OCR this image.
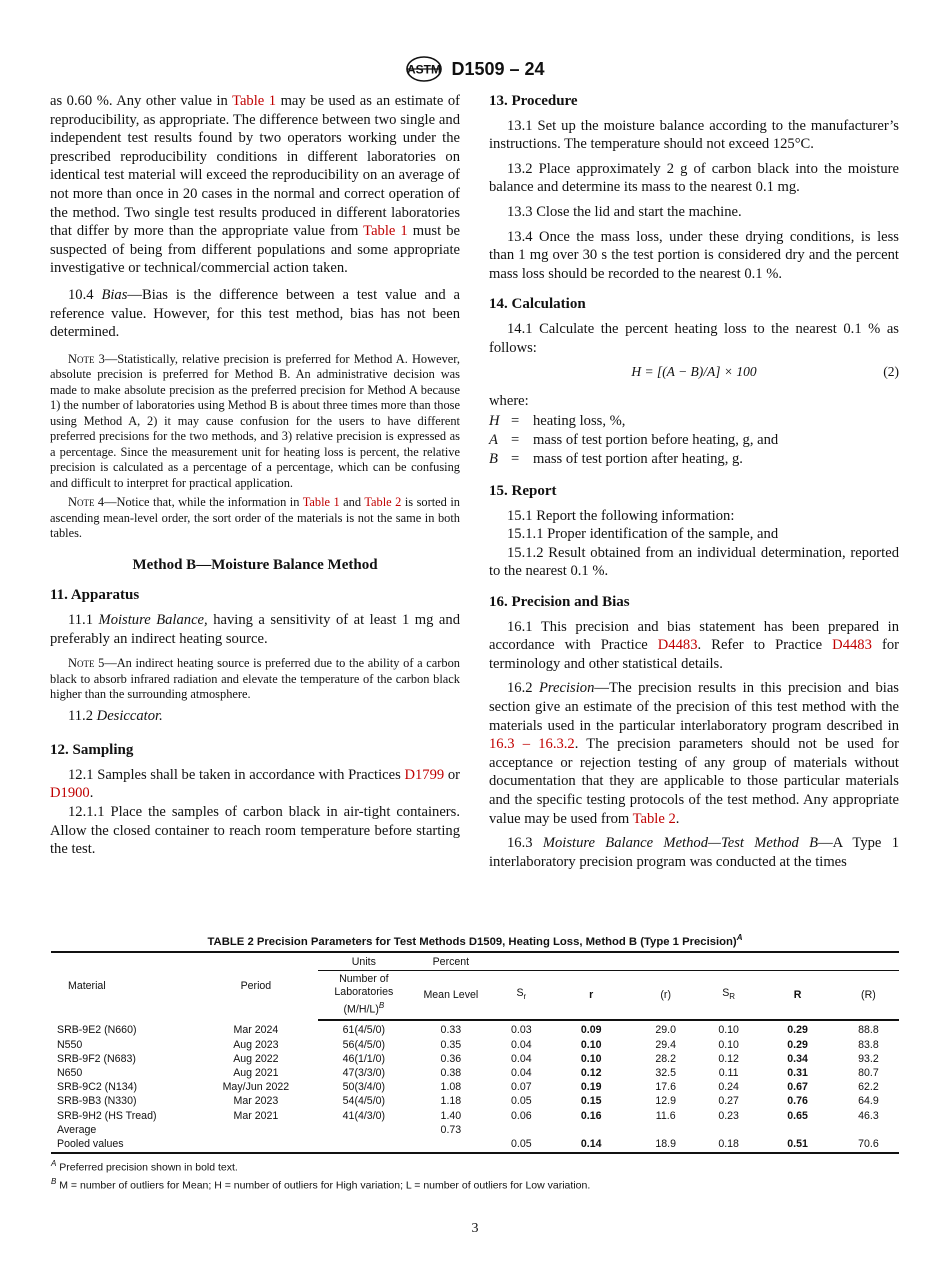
ASTM D1509 – 24

as 0.60 %. Any other value in Table 1 may be used as an estimate of reproducibility, as appropriate. The difference between two single and independent test results found by two operators working under the prescribed reproducibility conditions in different laboratories on identical test material will exceed the reproducibility on an average of not more than once in 20 cases in the normal and correct operation of the method. Two single test results produced in different laboratories that differ by more than the appropriate value from Table 1 must be suspected of being from different populations and some appropriate investigative or technical/commercial action taken.

10.4 Bias—Bias is the difference between a test value and a reference value. However, for this test method, bias has not been determined.

Note 3—Statistically, relative precision is preferred for Method A. However, absolute precision is preferred for Method B. An administrative decision was made to make absolute precision as the preferred precision for Method A because 1) the number of laboratories using Method B is about three times more than those using Method A, 2) it may cause confusion for the users to have different preferred precisions for the two methods, and 3) relative precision is expressed as a percentage. Since the measurement unit for heating loss is percent, the relative precision is calculated as a percentage of a percentage, which can be confusing and difficult to interpret for practical application.

Note 4—Notice that, while the information in Table 1 and Table 2 is sorted in ascending mean-level order, the sort order of the materials is not the same in both tables.

Method B—Moisture Balance Method
11. Apparatus

11.1 Moisture Balance, having a sensitivity of at least 1 mg and preferably an indirect heating source.

Note 5—An indirect heating source is preferred due to the ability of a carbon black to absorb infrared radiation and elevate the temperature of the carbon black higher than the surrounding atmosphere.

11.2 Desiccator.

12. Sampling

12.1 Samples shall be taken in accordance with Practices D1799 or D1900.

12.1.1 Place the samples of carbon black in air-tight containers. Allow the closed container to reach room temperature before starting the test.

13. Procedure

13.1 Set up the moisture balance according to the manufacturer’s instructions. The temperature should not exceed 125°C.

13.2 Place approximately 2 g of carbon black into the moisture balance and determine its mass to the nearest 0.1 mg.

13.3 Close the lid and start the machine.

13.4 Once the mass loss, under these drying conditions, is less than 1 mg over 30 s the test portion is considered dry and the percent mass loss should be recorded to the nearest 0.1 %.

14. Calculation

14.1 Calculate the percent heating loss to the nearest 0.1 % as follows:

H = [(A − B)/A] × 100	(2)

where:

H = heating loss, %,
A = mass of test portion before heating, g, and
B = mass of test portion after heating, g.
15. Report

15.1 Report the following information:

15.1.1 Proper identification of the sample, and

15.1.2 Result obtained from an individual determination, reported to the nearest 0.1 %.

16. Precision and Bias

16.1 This precision and bias statement has been prepared in accordance with Practice D4483. Refer to Practice D4483 for terminology and other statistical details.

16.2 Precision—The precision results in this precision and bias section give an estimate of the precision of this test method with the materials used in the particular interlaboratory program described in 16.3 – 16.3.2. The precision parameters should not be used for acceptance or rejection testing of any group of materials without documentation that they are applicable to those particular materials and the specific testing protocols of the test method. Any appropriate value may be used from Table 2.

16.3 Moisture Balance Method—Test Method B—A Type 1 interlaboratory precision program was conducted at the times

TABLE 2 Precision Parameters for Test Methods D1509, Heating Loss, Method B (Type 1 Precision)$^A$
Material	Period	Units	Percent						
		Number of
Laboratories
$(M/H/L)^B$	Mean Level	$S_r$	r	(r)	$S_R$	R	(R)
SRB-9E2 (N660)	Mar 2024	61(4/5/0)	0.33	0.03	0.09	29.0	0.10	0.29	88.8
N550	Aug 2023	56(4/5/0)	0.35	0.04	0.10	29.4	0.10	0.29	83.8
SRB-9F2 (N683)	Aug 2022	46(1/1/0)	0.36	0.04	0.10	28.2	0.12	0.34	93.2
N650	Aug 2021	47(3/3/0)	0.38	0.04	0.12	32.5	0.11	0.31	80.7
SRB-9C2 (N134)	May/Jun 2022	50(3/4/0)	1.08	0.07	0.19	17.6	0.24	0.67	62.2
SRB-9B3 (N330)	Mar 2023	54(4/5/0)	1.18	0.05	0.15	12.9	0.27	0.76	64.9
SRB-9H2 (HS Tread)	Mar 2021	41(4/3/0)	1.40	0.06	0.16	11.6	0.23	0.65	46.3
Average			0.73						
Pooled values				0.05	0.14	18.9	0.18	0.51	70.6
$^A$ Preferred precision shown in bold text.
$^B$ M = number of outliers for Mean; H = number of outliers for High variation; L = number of outliers for Low variation.
3
